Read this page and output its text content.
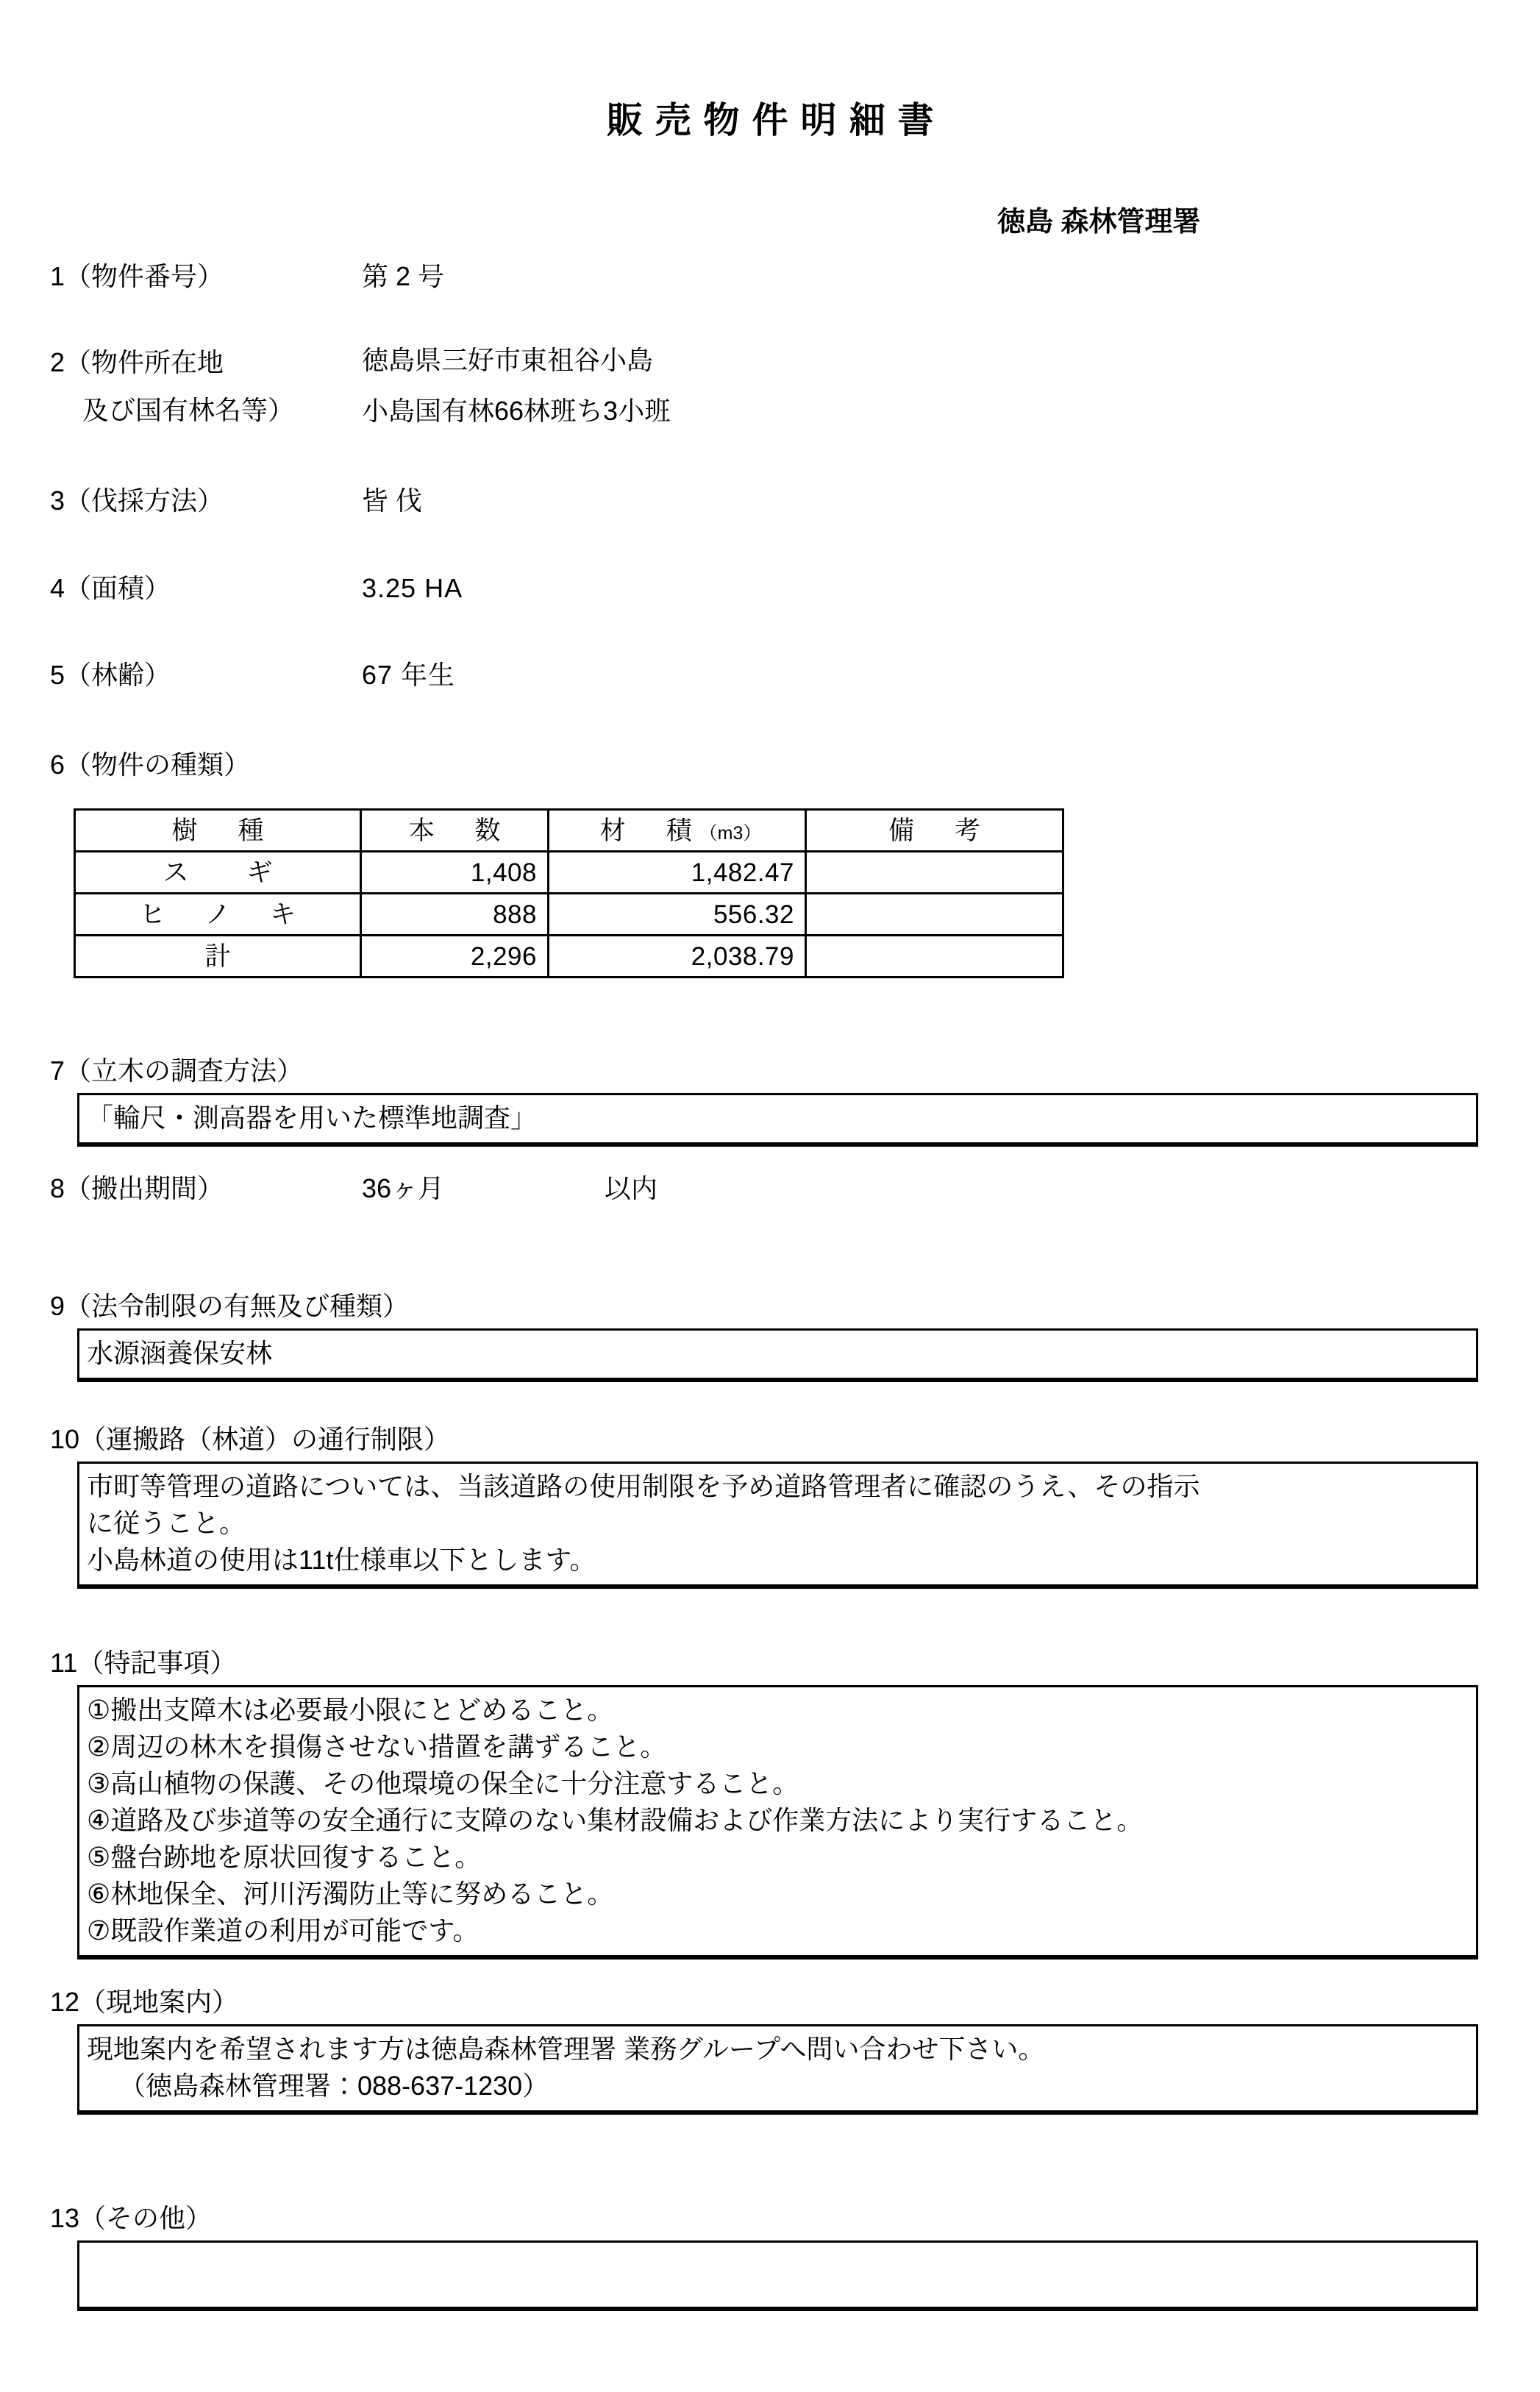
販売物件明細書
徳島 森林管理署
1（物件番号）	第 2 号
2（物件所在地
及び国有林名等）
徳島県三好市東祖谷小島
小島国有林66林班ち3小班
3（伐採方法）	皆 伐
4（面積）	3.25 HA
5（林齢）	67 年生
6（物件の種類）
樹　種	本　数	材　積（m3）	備　考
ス　ギ	1,408	1,482.47	
ヒ ノ キ	888	556.32	
計	2,296	2,038.79	
7（立木の調査方法）
「輪尺・測高器を用いた標準地調査」
8（搬出期間）	36ヶ月	以内
9（法令制限の有無及び種類）
水源涵養保安林
10（運搬路（林道）の通行制限）
市町等管理の道路については、当該道路の使用制限を予め道路管理者に確認のうえ、その指示
に従うこと。
小島林道の使用は11t仕様車以下とします。
11（特記事項）
①搬出支障木は必要最小限にとどめること。
②周辺の林木を損傷させない措置を講ずること。
③高山植物の保護、その他環境の保全に十分注意すること。
④道路及び歩道等の安全通行に支障のない集材設備および作業方法により実行すること。
⑤盤台跡地を原状回復すること。
⑥林地保全、河川汚濁防止等に努めること。
⑦既設作業道の利用が可能です。
12（現地案内）
現地案内を希望されます方は徳島森林管理署 業務グループへ問い合わせ下さい。
（徳島森林管理署：088-637-1230）
13（その他）
